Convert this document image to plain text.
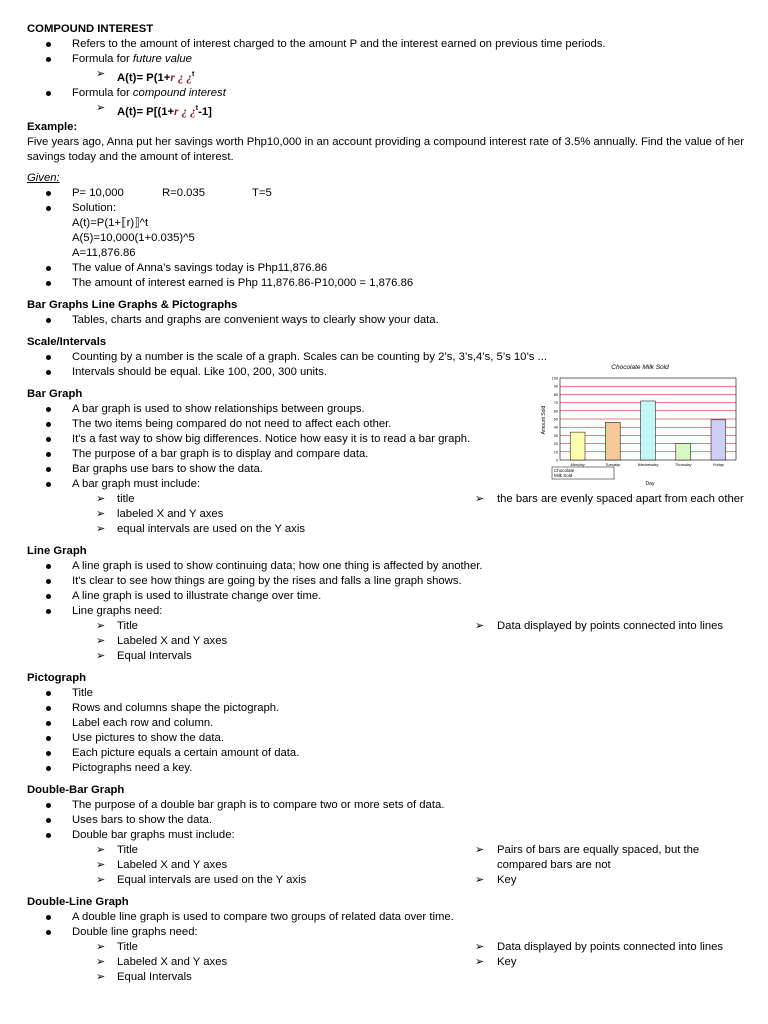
COMPOUND INTEREST

Refers to the amount of interest charged to the amount P and the interest earned on previous time periods.
Formula for future value
➢ A(t)= P(1+r ¿ ¿$^t$
Formula for compound interest
➢ A(t)= P[(1+r ¿ ¿$^t$-1]

Example:

Five years ago, Anna put her savings worth Php10,000 in an account providing a compound interest rate of 3.5% annually. Find the value of her savings today and the amount of interest.

Given:

P= 10,000	R=0.035	T=5
Solution:
A(t)=P(1+⟦r)⟧^t
A(5)=10,000(1+0.035)^5
A=11,876.86
The value of Anna’s savings today is Php11,876.86
The amount of interest earned is Php 11,876.86-P10,000 = 1,876.86

Bar Graphs Line Graphs & Pictographs

Tables, charts and graphs are convenient ways to clearly show your data.

Scale/Intervals

Counting by a number is the scale of a graph. Scales can be counting by 2’s, 3’s,4’s, 5’s 10’s ...
Intervals should be equal. Like 100, 200, 300 units.

Bar Graph

A bar graph is used to show relationships between groups.
The two items being compared do not need to affect each other.
It's a fast way to show big differences. Notice how easy it is to read a bar graph.
The purpose of a bar graph is to display and compare data.
Bar graphs use bars to show the data.
A bar graph must include:
➢ title
➢ labeled X and Y axes
➢ equal intervals are used on the Y axis
➢ the bars are evenly spaced apart from each other

Line Graph

A line graph is used to show continuing data; how one thing is affected by another.
It's clear to see how things are going by the rises and falls a line graph shows.
A line graph is used to illustrate change over time.
Line graphs need:
➢ Title
➢ Labeled X and Y axes
➢ Equal Intervals
➢ Data displayed by points connected into lines

Pictograph

Title
Rows and columns shape the pictograph.
Label each row and column.
Use pictures to show the data.
Each picture equals a certain amount of data.
Pictographs need a key.

Double-Bar Graph

The purpose of a double bar graph is to compare two or more sets of data.
Uses bars to show the data.
Double bar graphs must include:
➢ Title
➢ Labeled X and Y axes
➢ Equal intervals are used on the Y axis
➢ Pairs of bars are equally spaced, but the compared bars are not
➢ Key

Double-Line Graph

A double line graph is used to compare two groups of related data over time.
Double line graphs need:
➢ Title
➢ Labeled X and Y axes
➢ Equal Intervals
➢ Data displayed by points connected into lines
➢ Key
Chocolate Milk Sold
Amount Sold
Day
0
10
20
30
40
50
60
70
80
90
100
Monday	Tuesday	Wednesday	Thursday	Friday
Chocolate
Milk Sold
